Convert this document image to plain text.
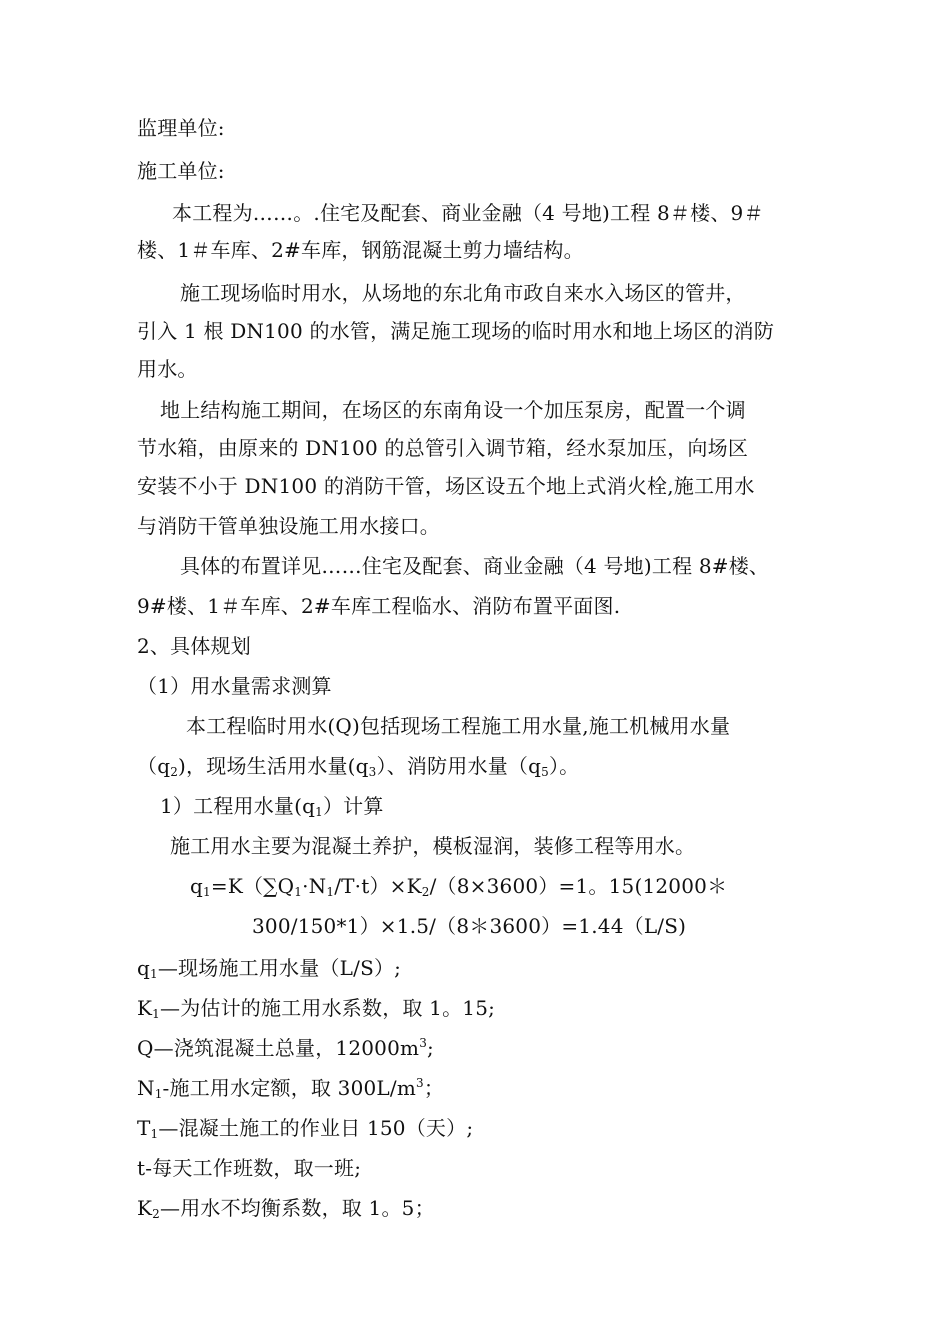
监理单位:
施工单位:
本工程为……。.住宅及配套、商业金融（4 号地)工程 8＃楼、9＃
楼、1＃车库、2#车库，钢筋混凝土剪力墙结构。
施工现场临时用水，从场地的东北角市政自来水入场区的管井，
引入 1 根 DN100 的水管，满足施工现场的临时用水和地上场区的消防
用水。
地上结构施工期间，在场区的东南角设一个加压泵房，配置一个调
节水箱，由原来的 DN100 的总管引入调节箱，经水泵加压，向场区
安装不小于 DN100 的消防干管，场区设五个地上式消火栓,施工用水
与消防干管单独设施工用水接口。
具体的布置详见……住宅及配套、商业金融（4 号地)工程 8#楼、
9#楼、1＃车库、2#车库工程临水、消防布置平面图.
2、具体规划
（1）用水量需求测算
本工程临时用水(Q)包括现场工程施工用水量,施工机械用水量
$(q_2)$，现场生活用水量$(q_3)$、消防用水量$(q_5)$。
1）工程用水量$(q_1)$计算
施工用水主要为混凝土养护，模板湿润，装修工程等用水。
$q_1=K(\sum Q_1\cdot N_1/T\cdot t)\times K_2/(8\times 3600)=1$。15(12000＊
300/150*1）×1.5/（8＊3600）=1.44（L/S)
$q_1—$现场施工用水量（L/S）;
$K_1—$为估计的施工用水系数，取 1。15;
Q—浇筑混凝土总量，$12000m^3$;
$N_1-$施工用水定额，取 $300L/m^3$；
$T_1—$混凝土施工的作业日 150（天）;
t-每天工作班数，取一班;
$K_2—$用水不均衡系数，取 1。5；
